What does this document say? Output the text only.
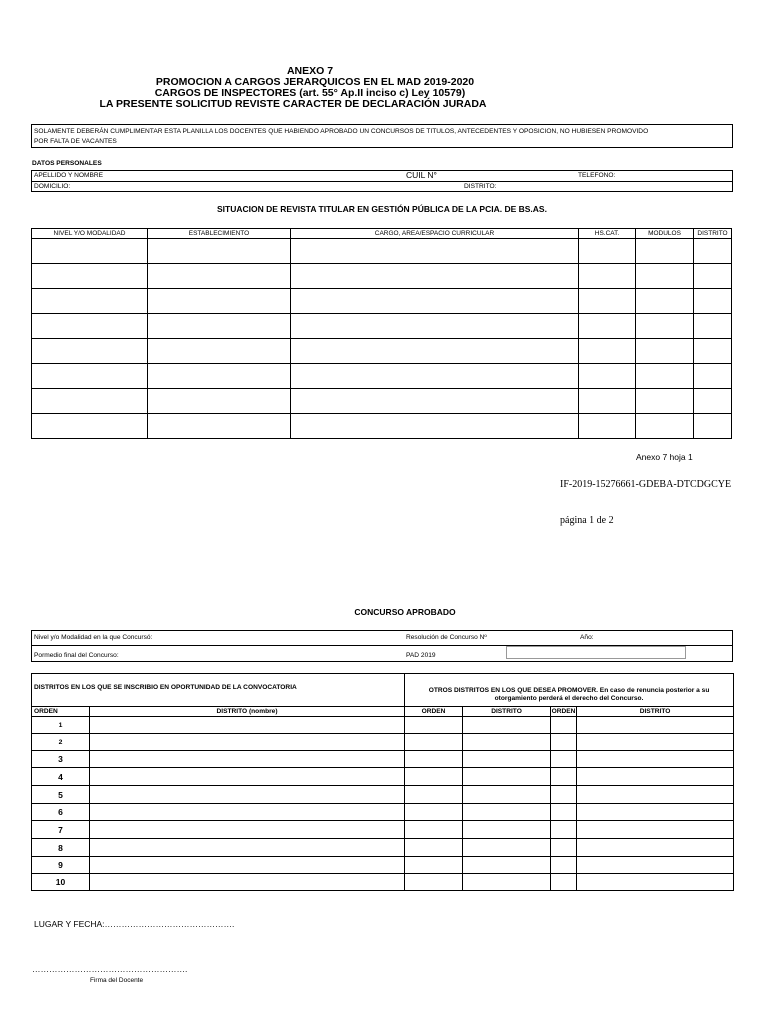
ANEXO 7
PROMOCION A CARGOS JERARQUICOS EN EL MAD 2019-2020
CARGOS DE INSPECTORES (art. 55° Ap.II inciso c) Ley 10579)
LA PRESENTE SOLICITUD REVISTE CARACTER DE DECLARACIÓN JURADA
SOLAMENTE DEBERÁN CUMPLIMENTAR ESTA PLANILLA LOS DOCENTES QUE HABIENDO APROBADO UN CONCURSOS DE TITULOS, ANTECEDENTES Y OPOSICION, NO HUBIESEN PROMOVIDO
POR FALTA DE VACANTES
DATOS PERSONALES
APELLIDO Y NOMBRE	CUIL N°	TELEFONO:
DOMICILIO:	DISTRITO:
SITUACION DE REVISTA TITULAR EN GESTIÓN PÚBLICA DE LA PCIA. DE BS.AS.
NIVEL Y/O MODALIDAD	ESTABLECIMIENTO	CARGO, AREA/ESPACIO CURRICULAR	HS.CAT.	MODULOS	DISTRITO

Anexo 7 hoja 1
IF-2019-15276661-GDEBA-DTCDGCYE
página 1 de 2
CONCURSO APROBADO
Nivel y/o Modalidad en la que Concursó:	Resolución de Concurso Nº	Año:
Pormedio final del Concurso:	PAD 2019
DISTRITOS EN LOS QUE SE INSCRIBIO EN OPORTUNIDAD DE LA CONVOCATORIA		OTROS DISTRITOS EN LOS QUE DESEA PROMOVER. En caso de renuncia posterior a su
otorgamiento perderá el derecho del Concurso.			

ORDEN	DISTRITO (nombre)	ORDEN	DISTRITO	ORDEN	DISTRITO
1					
2					
3					
4					
5					
6					
7					
8					
9					
10					
LUGAR Y FECHA:……………………………………….
……………………………………………….
Firma del Docente
